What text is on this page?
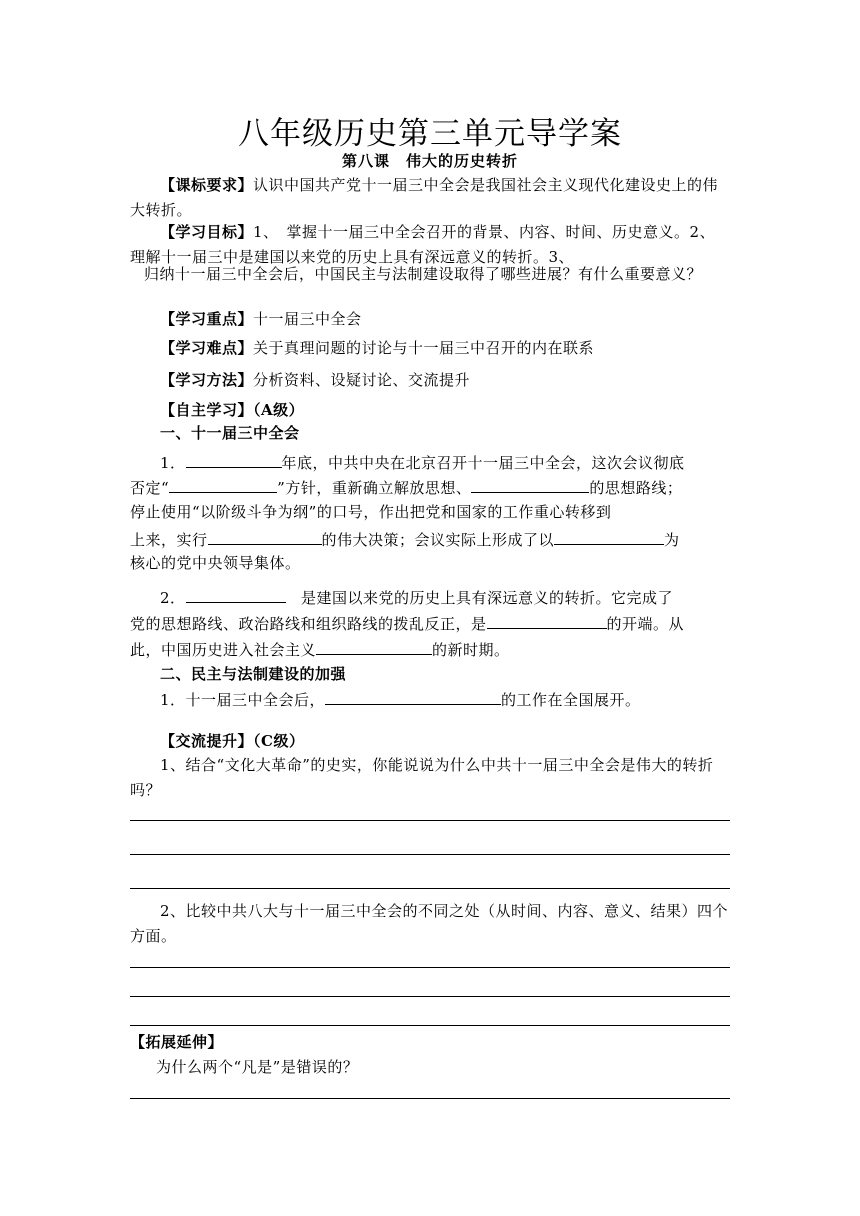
八年级历史第三单元导学案
第八课　伟大的历史转折
【课标要求】认识中国共产党十一届三中全会是我国社会主义现代化建设史上的伟大转折。
【学习目标】1、　掌握十一届三中全会召开的背景、内容、时间、历史意义。2、　　理解十一届三中是建国以来党的历史上具有深远意义的转折。3、
归纳十一届三中全会后，中国民主与法制建设取得了哪些进展？有什么重要意义？
【学习重点】十一届三中全会
【学习难点】关于真理问题的讨论与十一届三中召开的内在联系
【学习方法】分析资料、设疑讨论、交流提升
【自主学习】（A级）
一、十一届三中全会
1．	年底，中共中央在北京召开十一届三中全会，这次会议彻底
否定“	”方针，重新确立解放思想、	的思想路线；
停止使用“以阶级斗争为纲”的口号，作出把党和国家的工作重心转移到
上来，实行	的伟大决策；会议实际上形成了以	为
核心的党中央领导集体。
2．	　是建国以来党的历史上具有深远意义的转折。它完成了
党的思想路线、政治路线和组织路线的拨乱反正，是	的开端。从
此，中国历史进入社会主义	的新时期。
二、民主与法制建设的加强
1．十一届三中全会后，	的工作在全国展开。
【交流提升】（C级）
1、结合“文化大革命”的史实，你能说说为什么中共十一届三中全会是伟大的转折吗？
2、比较中共八大与十一届三中全会的不同之处（从时间、内容、意义、结果）四个方面。
【拓展延伸】
为什么两个“凡是”是错误的？
